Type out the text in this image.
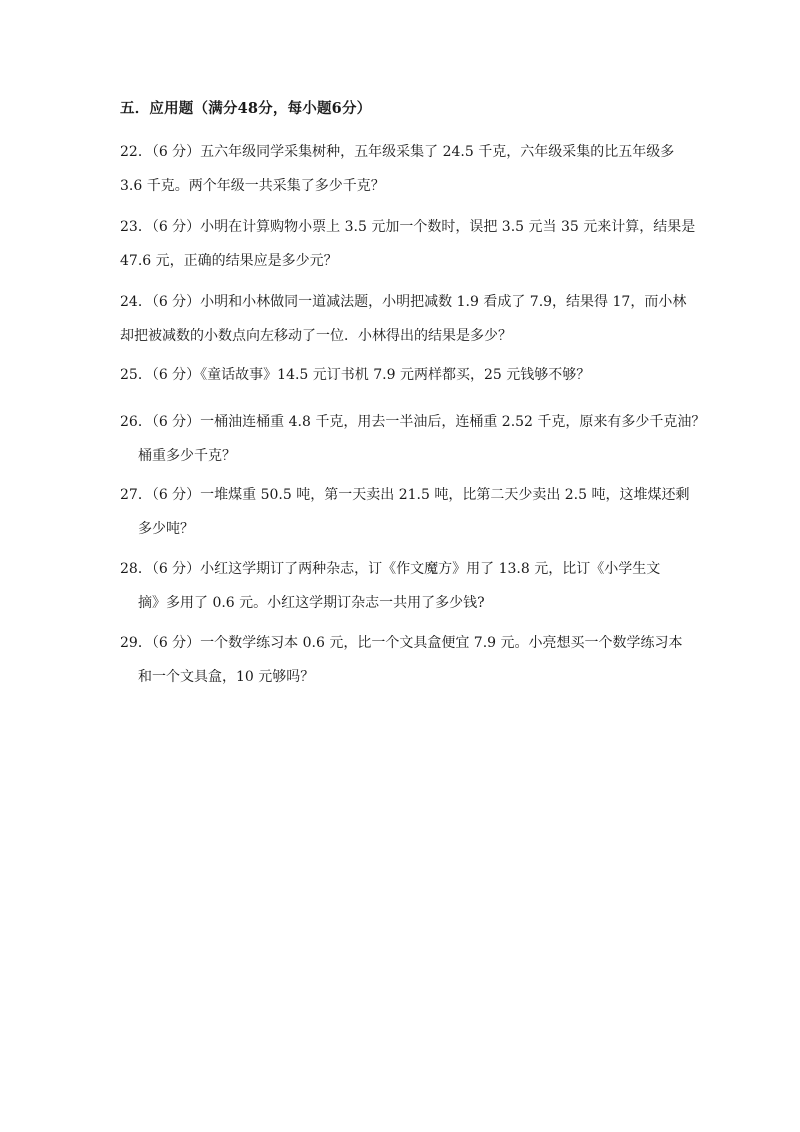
五．应用题（满分48分，每小题6分）
22．（6 分）五六年级同学采集树种，五年级采集了 24.5 千克，六年级采集的比五年级多
3.6 千克。两个年级一共采集了多少千克？
23．（6 分）小明在计算购物小票上 3.5 元加一个数时，误把 3.5 元当 35 元来计算，结果是
47.6 元，正确的结果应是多少元？
24．（6 分）小明和小林做同一道减法题，小明把减数 1.9 看成了 7.9，结果得 17，而小林
却把被减数的小数点向左移动了一位．小林得出的结果是多少？
25．（6 分）《童话故事》14.5 元订书机 7.9 元两样都买，25 元钱够不够？
26．（6 分）一桶油连桶重 4.8 千克，用去一半油后，连桶重 2.52 千克，原来有多少千克油？
桶重多少千克？
27．（6 分）一堆煤重 50.5 吨，第一天卖出 21.5 吨，比第二天少卖出 2.5 吨，这堆煤还剩
多少吨？
28．（6 分）小红这学期订了两种杂志，订《作文魔方》用了 13.8 元，比订《小学生文
摘》多用了 0.6 元。小红这学期订杂志一共用了多少钱?
29．（6 分）一个数学练习本 0.6 元，比一个文具盒便宜 7.9 元。小亮想买一个数学练习本
和一个文具盒，10 元够吗？
